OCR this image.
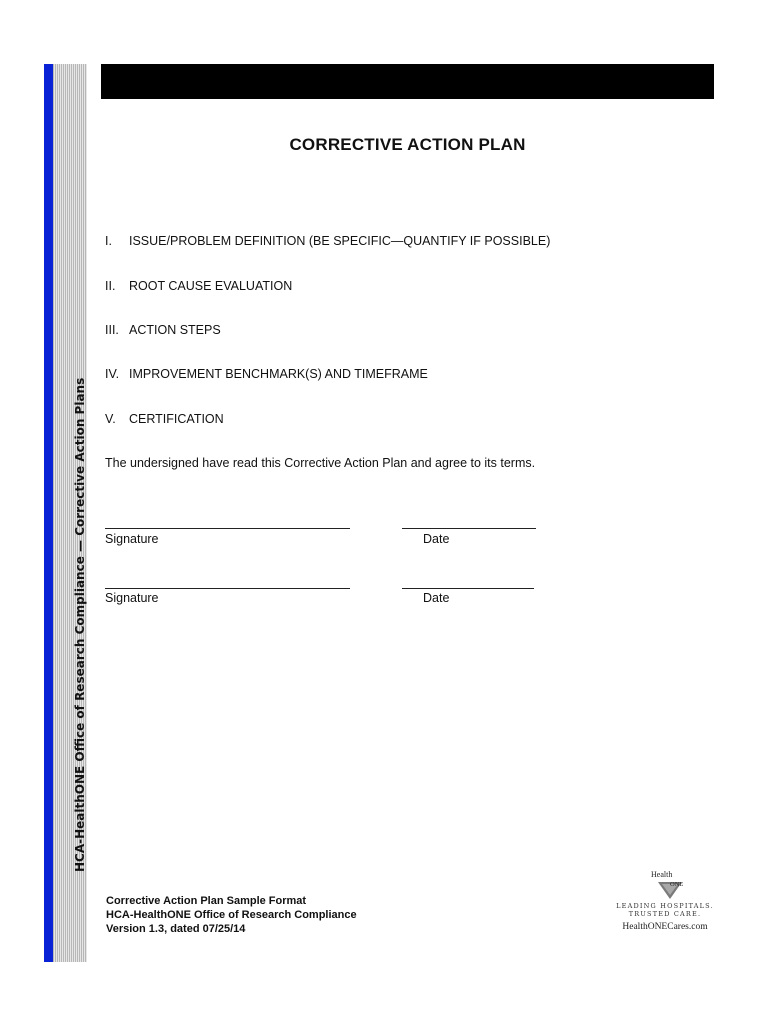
HCA-HealthONE Office of Research Compliance — Corrective Action Plans
CORRECTIVE ACTION PLAN
I. ISSUE/PROBLEM DEFINITION (BE SPECIFIC—QUANTIFY IF POSSIBLE)
II. ROOT CAUSE EVALUATION
III. ACTION STEPS
IV. IMPROVEMENT BENCHMARK(S) AND TIMEFRAME
V. CERTIFICATION

The undersigned have read this Corrective Action Plan and agree to its terms.

Signature	Date
Signature	Date
Corrective Action Plan Sample Format
HCA-HealthONE Office of Research Compliance
Version 1.3, dated 07/25/14
Health
ONE
LEADING HOSPITALS.
TRUSTED CARE.
HealthONECares.com
